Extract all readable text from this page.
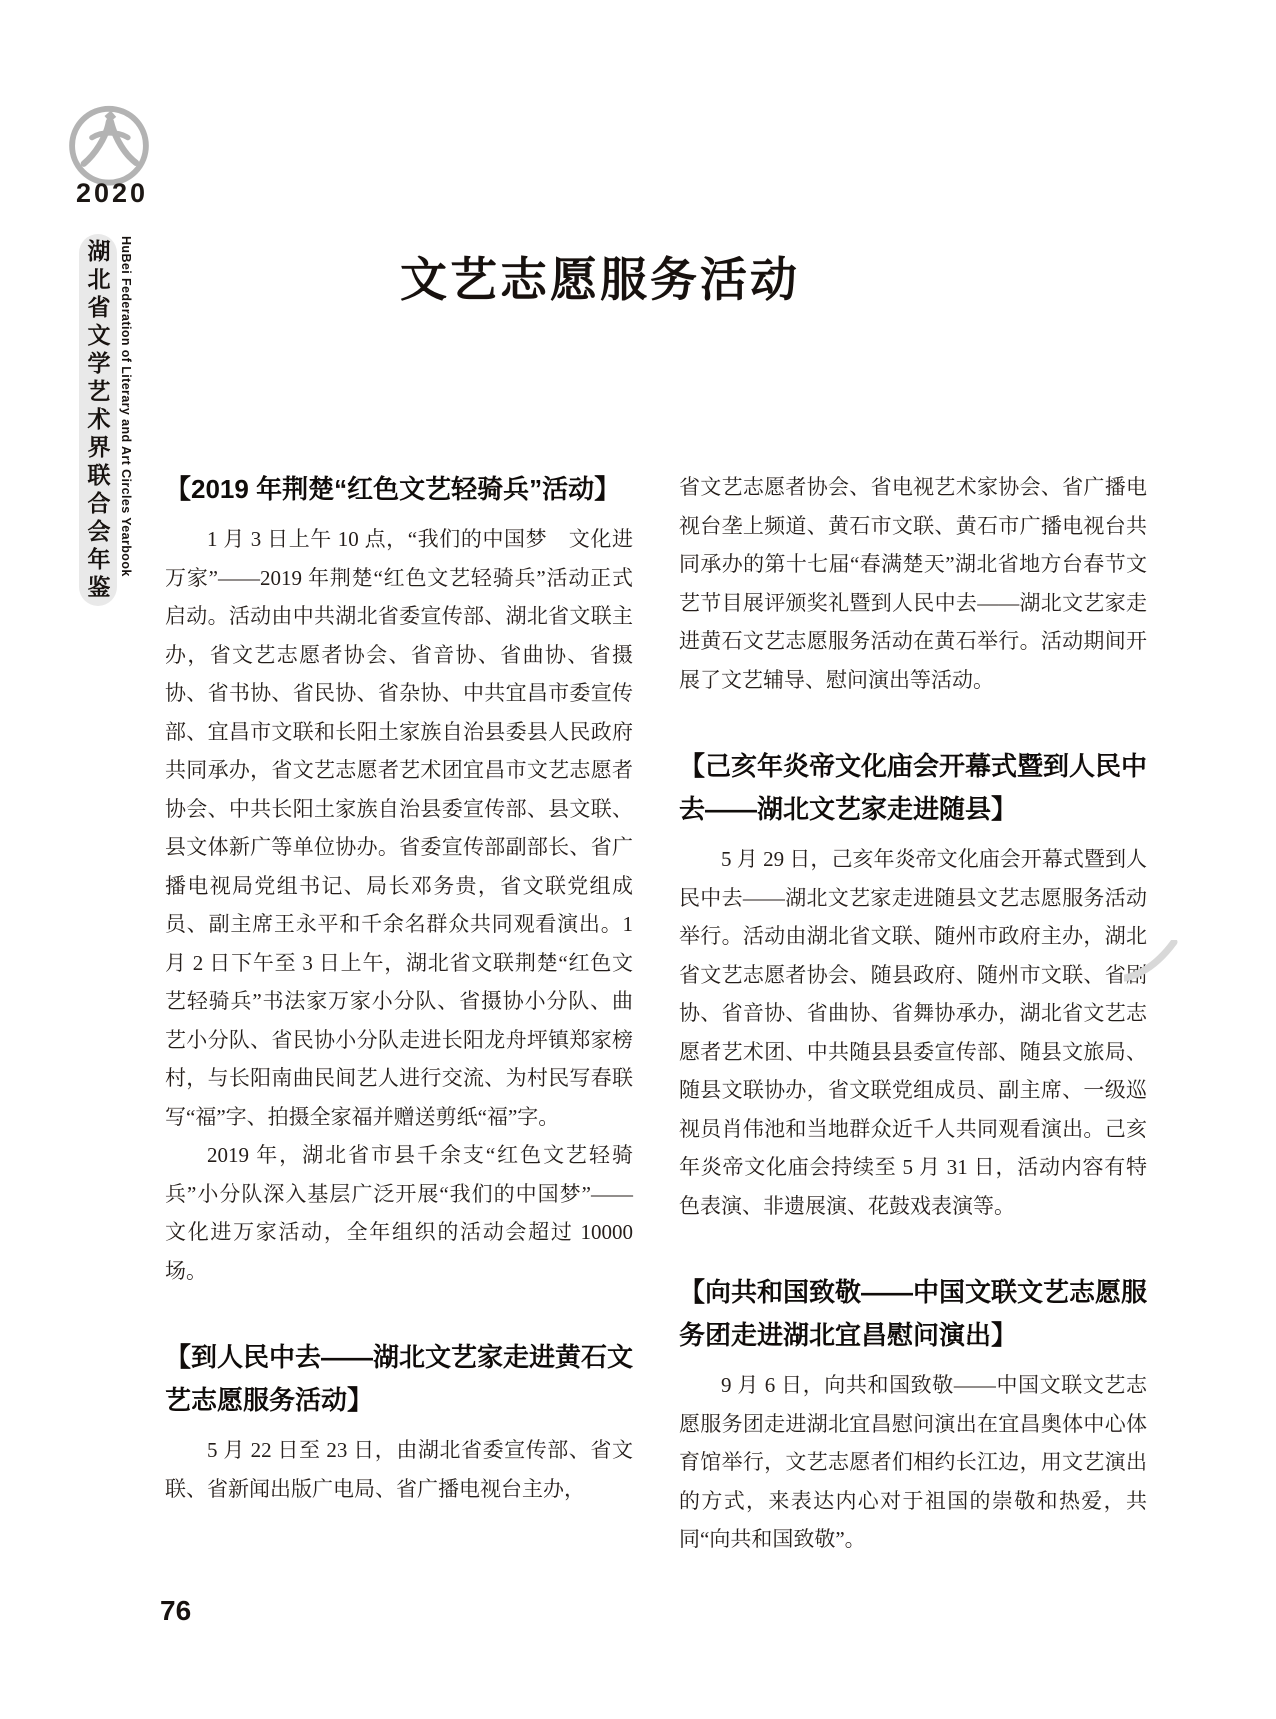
2020
湖北省文学艺术界联合会年鉴 HuBei Federation of Literary and Art Circles Yearbook	文艺志愿服务活动
【2019 年荆楚“红色文艺轻骑兵”活动】

1 月 3 日上午 10 点，“我们的中国梦　文化进万家”——2019 年荆楚“红色文艺轻骑兵”活动正式启动。活动由中共湖北省委宣传部、湖北省文联主办，省文艺志愿者协会、省音协、省曲协、省摄协、省书协、省民协、省杂协、中共宜昌市委宣传部、宜昌市文联和长阳土家族自治县委县人民政府共同承办，省文艺志愿者艺术团宜昌市文艺志愿者协会、中共长阳土家族自治县委宣传部、县文联、县文体新广等单位协办。省委宣传部副部长、省广播电视局党组书记、局长邓务贵，省文联党组成员、副主席王永平和千余名群众共同观看演出。1 月 2 日下午至 3 日上午，湖北省文联荆楚“红色文艺轻骑兵”书法家万家小分队、省摄协小分队、曲艺小分队、省民协小分队走进长阳龙舟坪镇郑家榜村，与长阳南曲民间艺人进行交流、为村民写春联写“福”字、拍摄全家福并赠送剪纸“福”字。

2019 年，湖北省市县千余支“红色文艺轻骑兵”小分队深入基层广泛开展“我们的中国梦”——文化进万家活动，全年组织的活动会超过 10000 场。

【到人民中去——湖北文艺家走进黄石文艺志愿服务活动】

5 月 22 日至 23 日，由湖北省委宣传部、省文联、省新闻出版广电局、省广播电视台主办，

省文艺志愿者协会、省电视艺术家协会、省广播电视台垄上频道、黄石市文联、黄石市广播电视台共同承办的第十七届“春满楚天”湖北省地方台春节文艺节目展评颁奖礼暨到人民中去——湖北文艺家走进黄石文艺志愿服务活动在黄石举行。活动期间开展了文艺辅导、慰问演出等活动。

【己亥年炎帝文化庙会开幕式暨到人民中去——湖北文艺家走进随县】

5 月 29 日，己亥年炎帝文化庙会开幕式暨到人民中去——湖北文艺家走进随县文艺志愿服务活动举行。活动由湖北省文联、随州市政府主办，湖北省文艺志愿者协会、随县政府、随州市文联、省剧协、省音协、省曲协、省舞协承办，湖北省文艺志愿者艺术团、中共随县县委宣传部、随县文旅局、随县文联协办，省文联党组成员、副主席、一级巡视员肖伟池和当地群众近千人共同观看演出。己亥年炎帝文化庙会持续至 5 月 31 日，活动内容有特色表演、非遗展演、花鼓戏表演等。

【向共和国致敬——中国文联文艺志愿服务团走进湖北宜昌慰问演出】

9 月 6 日，向共和国致敬——中国文联文艺志愿服务团走进湖北宜昌慰问演出在宜昌奥体中心体育馆举行，文艺志愿者们相约长江边，用文艺演出的方式，来表达内心对于祖国的崇敬和热爱，共同“向共和国致敬”。

76
